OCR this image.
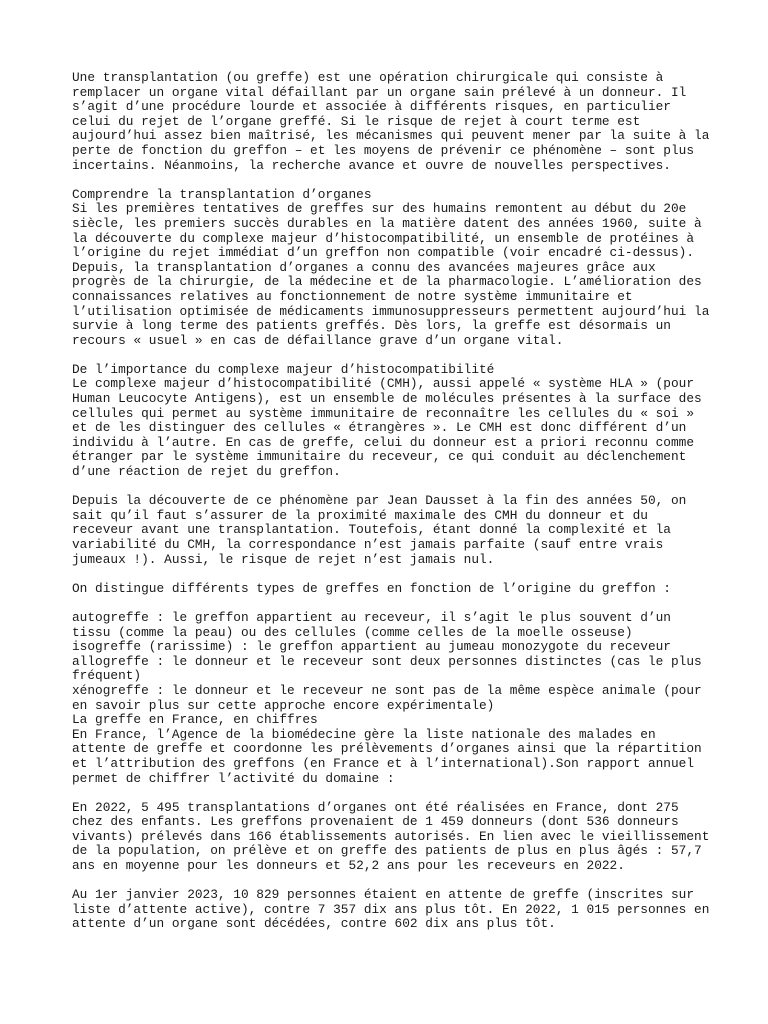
Une transplantation (ou greffe) est une opération chirurgicale qui consiste à
remplacer un organe vital défaillant par un organe sain prélevé à un donneur. Il
s’agit d’une procédure lourde et associée à différents risques, en particulier
celui du rejet de l’organe greffé. Si le risque de rejet à court terme est
aujourd’hui assez bien maîtrisé, les mécanismes qui peuvent mener par la suite à la
perte de fonction du greffon – et les moyens de prévenir ce phénomène – sont plus
incertains. Néanmoins, la recherche avance et ouvre de nouvelles perspectives.
Comprendre la transplantation d’organes
Si les premières tentatives de greffes sur des humains remontent au début du 20e
siècle, les premiers succès durables en la matière datent des années 1960, suite à
la découverte du complexe majeur d’histocompatibilité, un ensemble de protéines à
l’origine du rejet immédiat d’un greffon non compatible (voir encadré ci-dessus).
Depuis, la transplantation d’organes a connu des avancées majeures grâce aux
progrès de la chirurgie, de la médecine et de la pharmacologie. L’amélioration des
connaissances relatives au fonctionnement de notre système immunitaire et
l’utilisation optimisée de médicaments immunosuppresseurs permettent aujourd’hui la
survie à long terme des patients greffés. Dès lors, la greffe est désormais un
recours « usuel » en cas de défaillance grave d’un organe vital.
De l’importance du complexe majeur d’histocompatibilité
Le complexe majeur d’histocompatibilité (CMH), aussi appelé « système HLA » (pour
Human Leucocyte Antigens), est un ensemble de molécules présentes à la surface des
cellules qui permet au système immunitaire de reconnaître les cellules du « soi »
et de les distinguer des cellules « étrangères ». Le CMH est donc différent d’un
individu à l’autre. En cas de greffe, celui du donneur est a priori reconnu comme
étranger par le système immunitaire du receveur, ce qui conduit au déclenchement
d’une réaction de rejet du greffon.
Depuis la découverte de ce phénomène par Jean Dausset à la fin des années 50, on
sait qu’il faut s’assurer de la proximité maximale des CMH du donneur et du
receveur avant une transplantation. Toutefois, étant donné la complexité et la
variabilité du CMH, la correspondance n’est jamais parfaite (sauf entre vrais
jumeaux !). Aussi, le risque de rejet n’est jamais nul.
On distingue différents types de greffes en fonction de l’origine du greffon :
autogreffe : le greffon appartient au receveur, il s’agit le plus souvent d’un
tissu (comme la peau) ou des cellules (comme celles de la moelle osseuse)
isogreffe (rarissime) : le greffon appartient au jumeau monozygote du receveur
allogreffe : le donneur et le receveur sont deux personnes distinctes (cas le plus
fréquent)
xénogreffe : le donneur et le receveur ne sont pas de la même espèce animale (pour
en savoir plus sur cette approche encore expérimentale)
La greffe en France, en chiffres
En France, l’Agence de la biomédecine gère la liste nationale des malades en
attente de greffe et coordonne les prélèvements d’organes ainsi que la répartition
et l’attribution des greffons (en France et à l’international).Son rapport annuel
permet de chiffrer l’activité du domaine :
En 2022, 5 495 transplantations d’organes ont été réalisées en France, dont 275
chez des enfants. Les greffons provenaient de 1 459 donneurs (dont 536 donneurs
vivants) prélevés dans 166 établissements autorisés. En lien avec le vieillissement
de la population, on prélève et on greffe des patients de plus en plus âgés : 57,7
ans en moyenne pour les donneurs et 52,2 ans pour les receveurs en 2022.
Au 1er janvier 2023, 10 829 personnes étaient en attente de greffe (inscrites sur
liste d’attente active), contre 7 357 dix ans plus tôt. En 2022, 1 015 personnes en
attente d’un organe sont décédées, contre 602 dix ans plus tôt.
